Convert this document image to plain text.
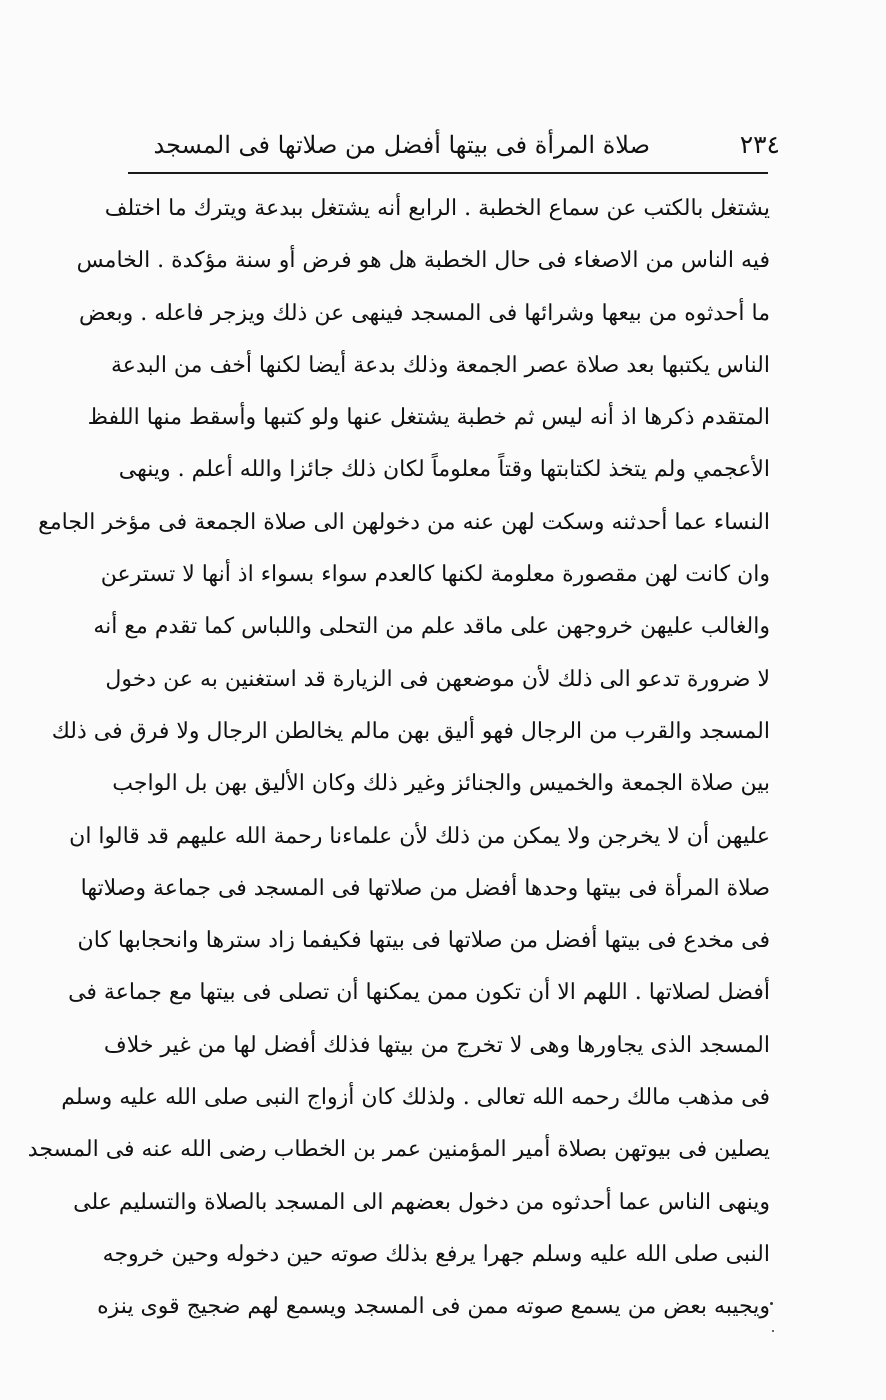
٢٣٤
صلاة المرأة فى بيتها أفضل من صلاتها فى المسجد
يشتغل بالكتب عن سماع الخطبة . الرابع أنه يشتغل ببدعة ويترك ما اختلف
فيه الناس من الاصغاء فى حال الخطبة هل هو فرض أو سنة مؤكدة . الخامس
ما أحدثوه من بيعها وشرائها فى المسجد فينهى عن ذلك ويزجر فاعله . وبعض
الناس يكتبها بعد صلاة عصر الجمعة وذلك بدعة أيضا لكنها أخف من البدعة
المتقدم ذكرها اذ أنه ليس ثم خطبة يشتغل عنها ولو كتبها وأسقط منها اللفظ
الأعجمي ولم يتخذ لكتابتها وقتاً معلوماً لكان ذلك جائزا والله أعلم . وينهى
النساء عما أحدثنه وسكت لهن عنه من دخولهن الى صلاة الجمعة فى مؤخر الجامع
وان كانت لهن مقصورة معلومة لكنها كالعدم سواء بسواء اذ أنها لا تسترعن
والغالب عليهن خروجهن على ماقد علم من التحلى واللباس كما تقدم مع أنه
لا ضرورة تدعو الى ذلك لأن موضعهن فى الزيارة قد استغنين به عن دخول
المسجد والقرب من الرجال فهو أليق بهن مالم يخالطن الرجال ولا فرق فى ذلك
بين صلاة الجمعة والخميس والجنائز وغير ذلك وكان الأليق بهن بل الواجب
عليهن أن لا يخرجن ولا يمكن من ذلك لأن علماءنا رحمة الله عليهم قد قالوا ان
صلاة المرأة فى بيتها وحدها أفضل من صلاتها فى المسجد فى جماعة وصلاتها
فى مخدع فى بيتها أفضل من صلاتها فى بيتها فكيفما زاد سترها وانحجابها كان
أفضل لصلاتها . اللهم الا أن تكون ممن يمكنها أن تصلى فى بيتها مع جماعة فى
المسجد الذى يجاورها وهى لا تخرج من بيتها فذلك أفضل لها من غير خلاف
فى مذهب مالك رحمه الله تعالى . ولذلك كان أزواج النبى صلى الله عليه وسلم
يصلين فى بيوتهن بصلاة أمير المؤمنين عمر بن الخطاب رضى الله عنه فى المسجد
وينهى الناس عما أحدثوه من دخول بعضهم الى المسجد بالصلاة والتسليم على
النبى صلى الله عليه وسلم جهرا يرفع بذلك صوته حين دخوله وحين خروجه
ويجيبه بعض من يسمع صوته ممن فى المسجد ويسمع لهم ضجيج قوى ينزه
